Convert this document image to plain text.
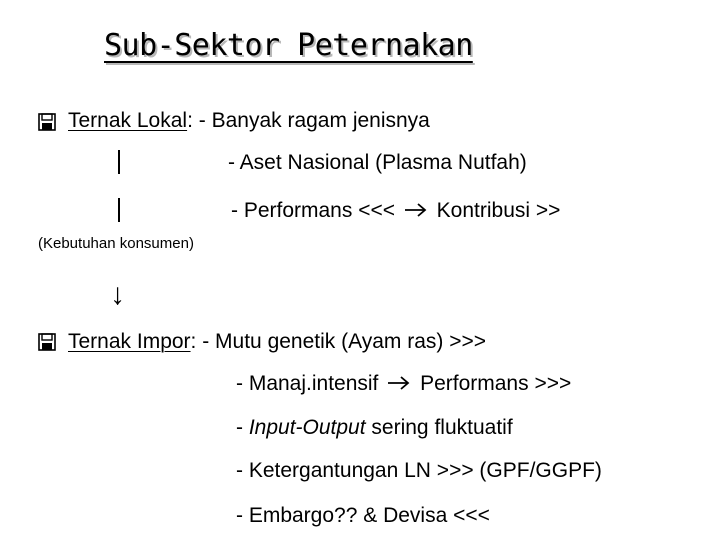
Sub-Sektor Peternakan
Ternak Lokal: - Banyak ragam jenisnya
- Aset Nasional (Plasma Nutfah)
- Performans <<<  Kontribusi >>
(Kebutuhan konsumen)
↓
Ternak Impor: - Mutu genetik (Ayam ras) >>>
- Manaj.intensif  Performans >>>
- Input-Output sering fluktuatif
- Ketergantungan LN >>> (GPF/GGPF)
- Embargo?? & Devisa <<<
